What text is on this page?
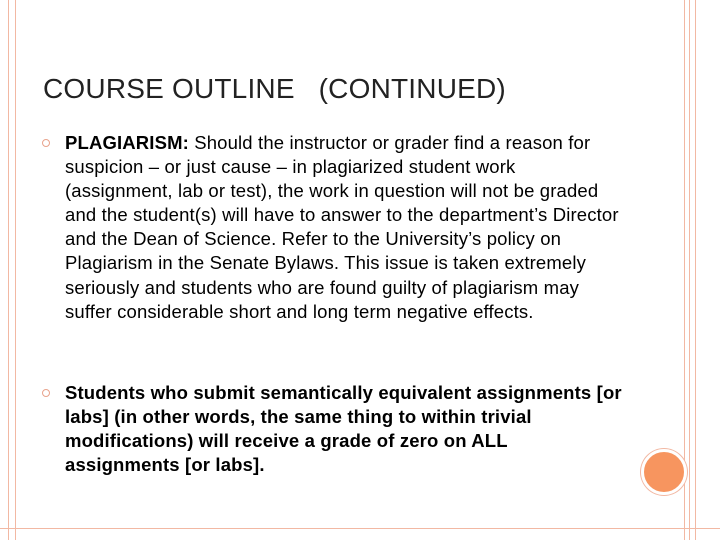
COURSE OUTLINE   (CONTINUED)
PLAGIARISM: Should the instructor or grader find a reason for suspicion – or just cause – in plagiarized student work (assignment, lab or test), the work in question will not be graded and the student(s) will have to answer to the department’s Director and the Dean of Science. Refer to the University’s policy on Plagiarism in the Senate Bylaws. This issue is taken extremely seriously and students who are found guilty of plagiarism may suffer considerable short and long term negative effects.
Students who submit semantically equivalent assignments [or labs] (in other words, the same thing to within trivial modifications) will receive a grade of zero on ALL assignments [or labs].
